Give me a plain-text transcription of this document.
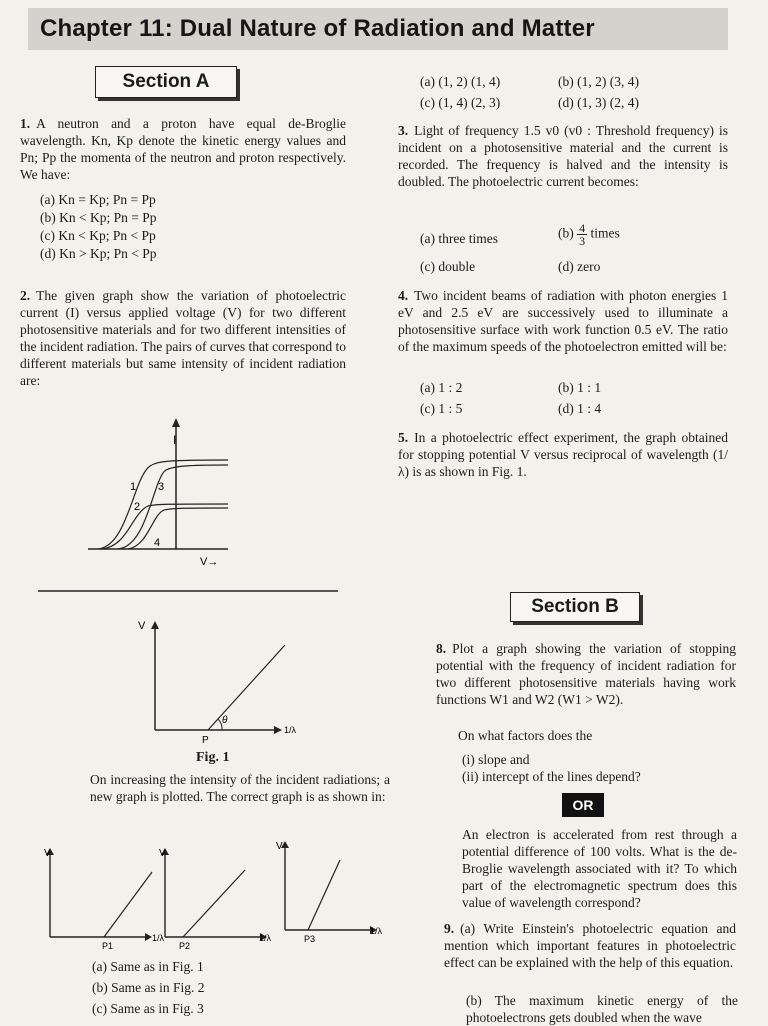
Chapter 11: Dual Nature of Radiation and Matter
Section A
1. A neutron and a proton have equal de-Broglie wavelength. Kn, Kp denote the kinetic energy values and Pn; Pp the momenta of the neutron and proton respectively. We have:
(a) Kn = Kp; Pn = Pp
(b) Kn < Kp; Pn = Pp
(c) Kn < Kp; Pn < Pp
(d) Kn > Kp; Pn < Pp
2. The given graph show the variation of photoelectric current (I) versus applied voltage (V) for two different photosensitive materials and for two different intensities of the incident radiation. The pairs of curves that correspond to different materials but same intensity of incident radiation are:
I
1 3
2
4
V→
(a) (1, 2) (1, 4)	(b) (1, 2) (3, 4)
(c) (1, 4) (2, 3)	(d) (1, 3) (2, 4)
3. Light of frequency 1.5 v0 (v0 : Threshold frequency) is incident on a photosensitive material and the current is recorded. The frequency is halved and the intensity is doubled. The photoelectric current becomes:
(a) three times	$(b) \frac{4}{3}$ times
(c) double	(d) zero
4. Two incident beams of radiation with photon energies 1 eV and 2.5 eV are successively used to illuminate a photosensitive surface with work function 0.5 eV. The ratio of the maximum speeds of the photoelectron emitted will be:
(a) 1 : 2	(b) 1 : 1
(c) 1 : 5	(d) 1 : 4
5. In a photoelectric effect experiment, the graph obtained for stopping potential V versus reciprocal of wavelength (1/λ) is as shown in Fig. 1.
V
θ
P
1/λ
Fig. 1
On increasing the intensity of the incident radiations; a new graph is plotted. The correct graph is as shown in:
V
P1
1/λ
V
P2
1/λ
V
P3
1/λ
(a) Same as in Fig. 1
(b) Same as in Fig. 2
(c) Same as in Fig. 3
Section B
8. Plot a graph showing the variation of stopping potential with the frequency of incident radiation for two different photosensitive materials having work functions W1 and W2 (W1 > W2).
On what factors does the
(i) slope and
(ii) intercept of the lines depend?
OR
An electron is accelerated from rest through a potential difference of 100 volts. What is the de-Broglie wavelength associated with it? To which part of the electromagnetic spectrum does this value of wavelength correspond?
9. (a) Write Einstein's photoelectric equation and mention which important features in photoelectric effect can be explained with the help of this equation.
(b) The maximum kinetic energy of the photoelectrons gets doubled when the wave
